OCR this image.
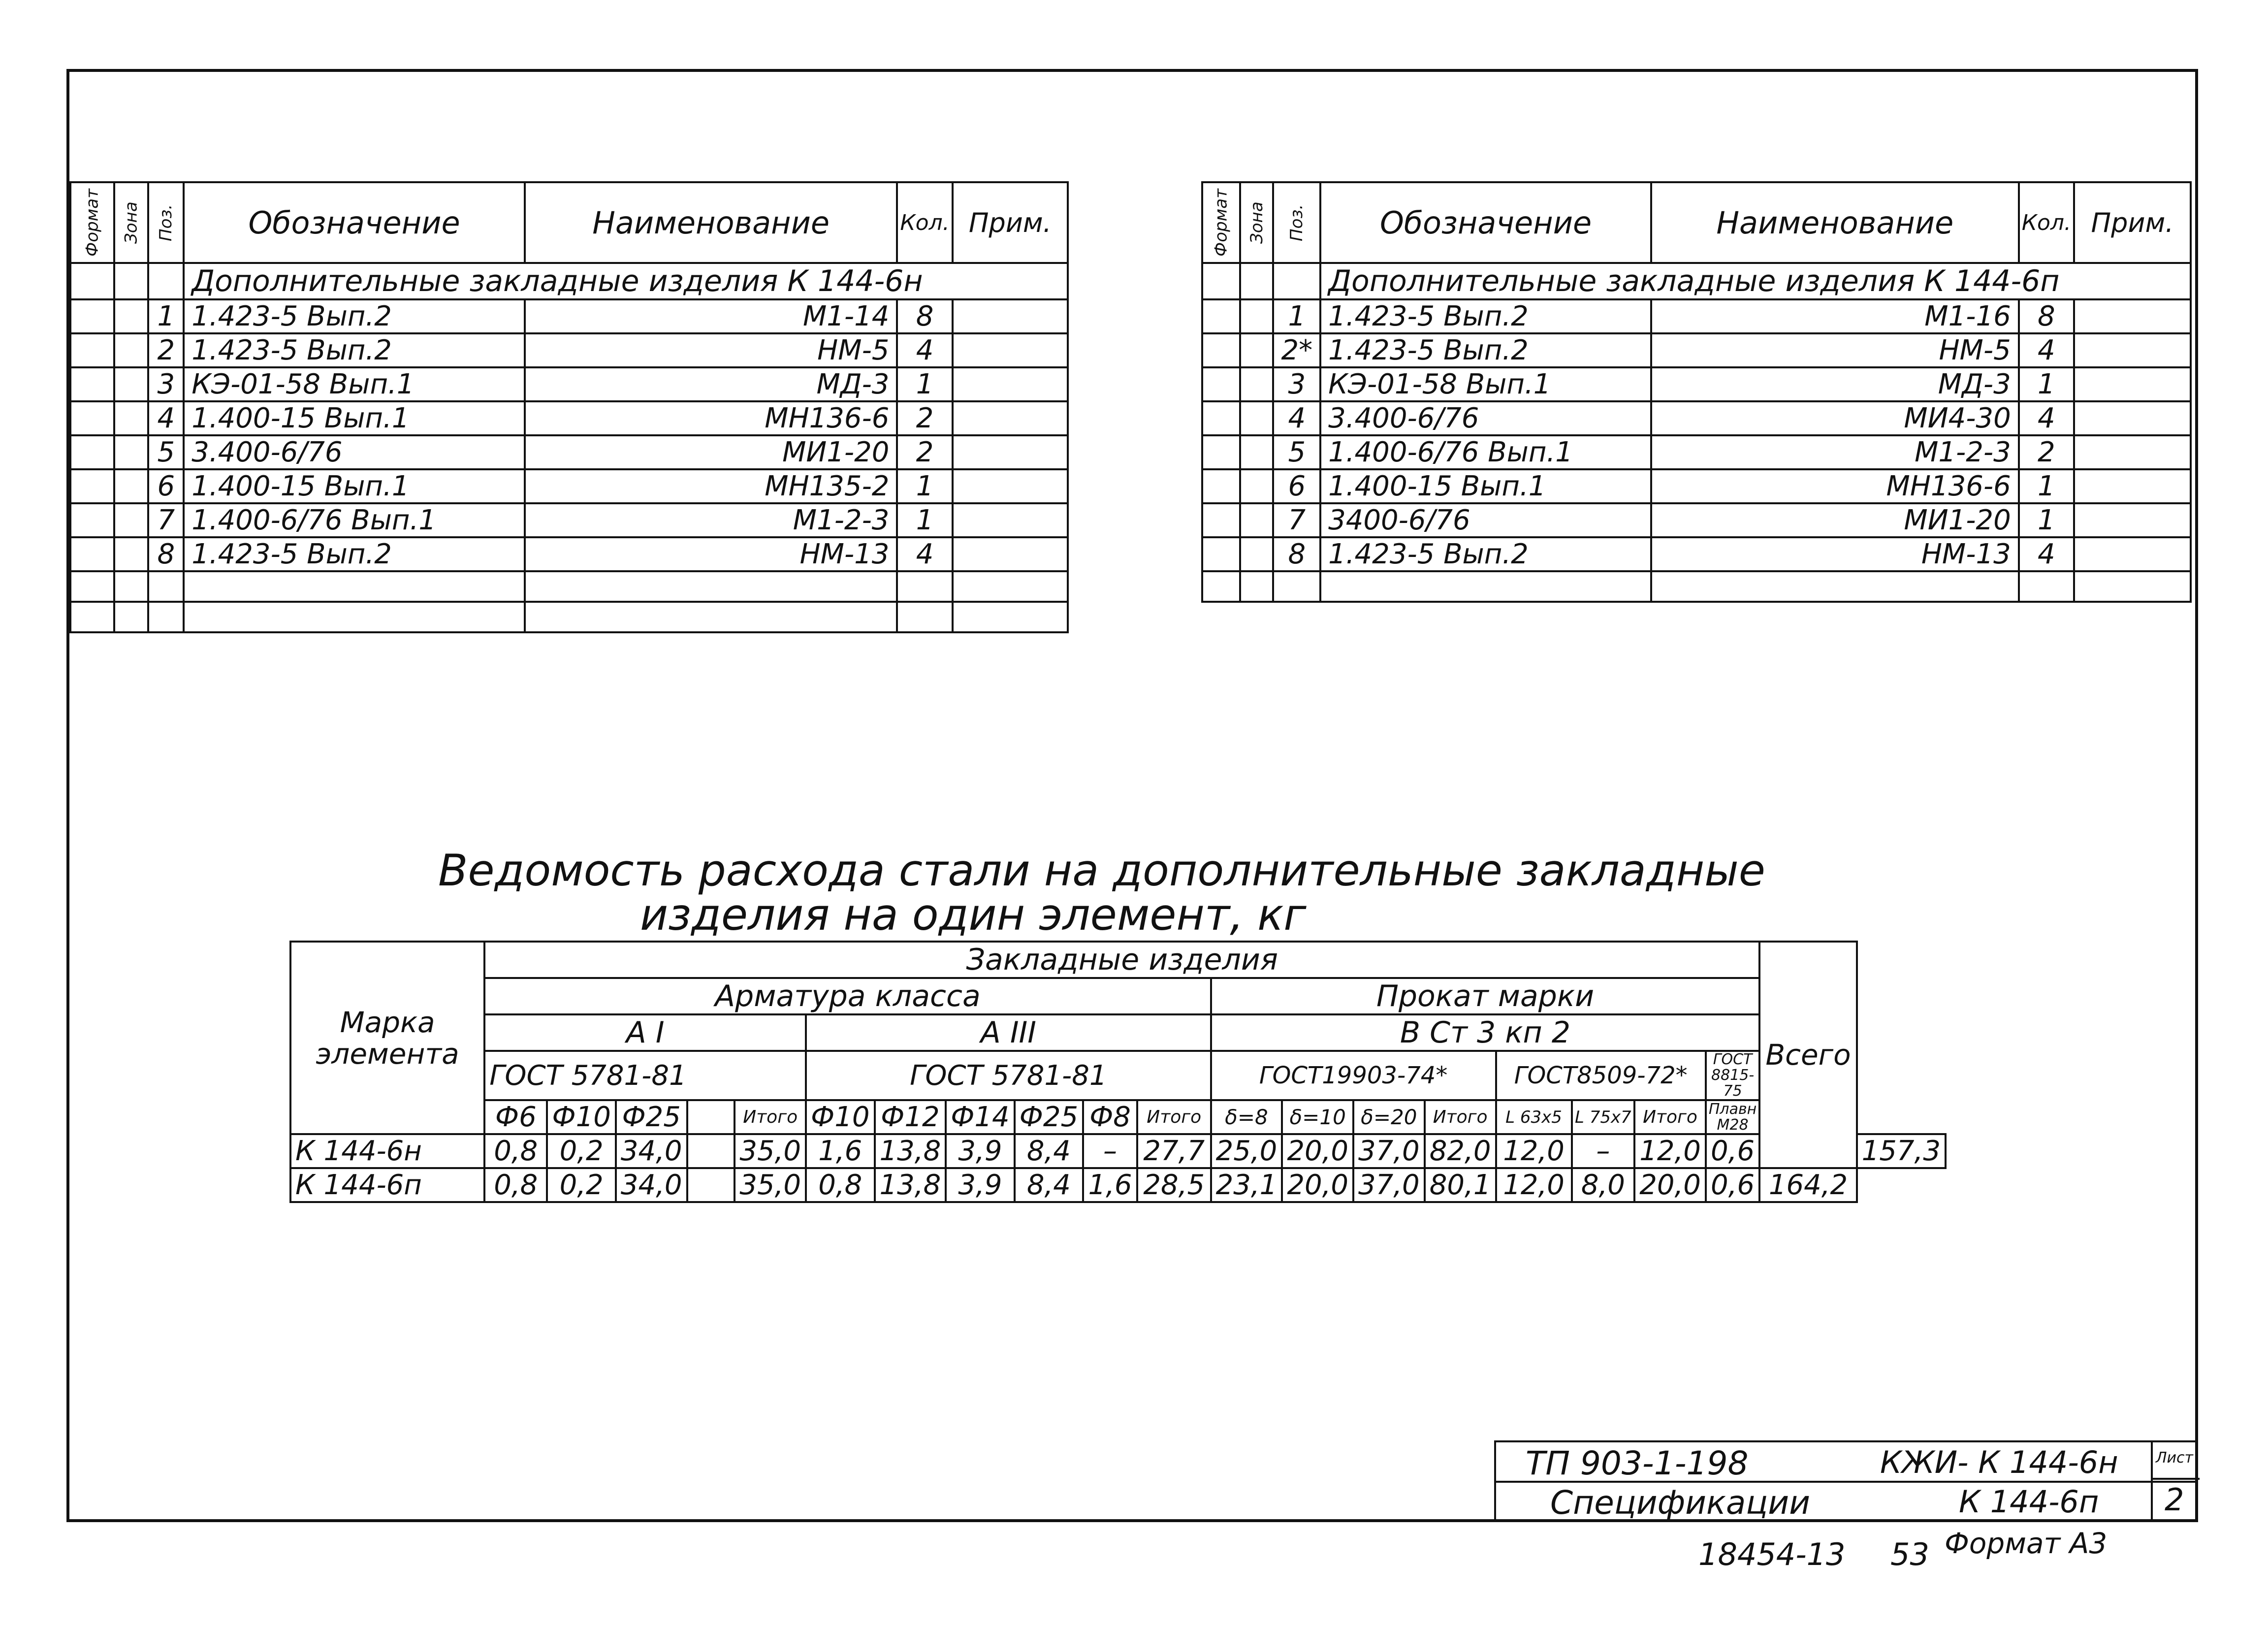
Формат	Зона	Поз.	Обозначение	Наименование	Кол.	Прим.
			Дополнительные закладные изделия К 144-6н			
		1	1.423-5 Вып.2	М1-14	8	
		2	1.423-5 Вып.2	НМ-5	4	
		3	КЭ-01-58 Вып.1	МД-3	1	
		4	1.400-15 Вып.1	МН136-6	2	
		5	3.400-6/76	МИ1-20	2	
		6	1.400-15 Вып.1	МН135-2	1	
		7	1.400-6/76 Вып.1	М1-2-3	1	
		8	1.423-5 Вып.2	НМ-13	4	

Формат	Зона	Поз.	Обозначение	Наименование	Кол.	Прим.
			Дополнительные закладные изделия К 144-6п			
		1	1.423-5 Вып.2	М1-16	8	
		2*	1.423-5 Вып.2	НМ-5	4	
		3	КЭ-01-58 Вып.1	МД-3	1	
		4	3.400-6/76	МИ4-30	4	
		5	1.400-6/76 Вып.1	М1-2-3	2	
		6	1.400-15 Вып.1	МН136-6	1	
		7	3400-6/76	МИ1-20	1	
		8	1.423-5 Вып.2	НМ-13	4	

Ведомость расхода стали на дополнительные закладные
изделия на один элемент, кг
Марка элемента	Закладные изделия																			Всего	
	Арматура класса											Прокат марки									
	А I					А III						В Ст 3 кп 2									
	ГОСТ 5781-81					ГОСТ 5781-81						ГОСТ19903-74*				ГОСТ8509-72*			ГОСТ 8815-75		
	Ф6	Ф10	Ф25		Итого	Ф10	Ф12	Ф14	Ф25	Ф8	Итого	δ=8	δ=10	δ=20	Итого	L 63x5	L 75x7	Итого	Плавн М28		
К 144-6н	0,8	0,2	34,0		35,0	1,6	13,8	3,9	8,4	–	27,7	25,0	20,0	37,0	82,0	12,0	–	12,0	0,6		157,3
К 144-6п	0,8	0,2	34,0		35,0	0,8	13,8	3,9	8,4	1,6	28,5	23,1	20,0	37,0	80,1	12,0	8,0	20,0	0,6	164,2	
ТП 903-1-198
Спецификации
КЖИ- К 144-6н
К 144-6п
Лист
2
18454-13 53 Формат А3
